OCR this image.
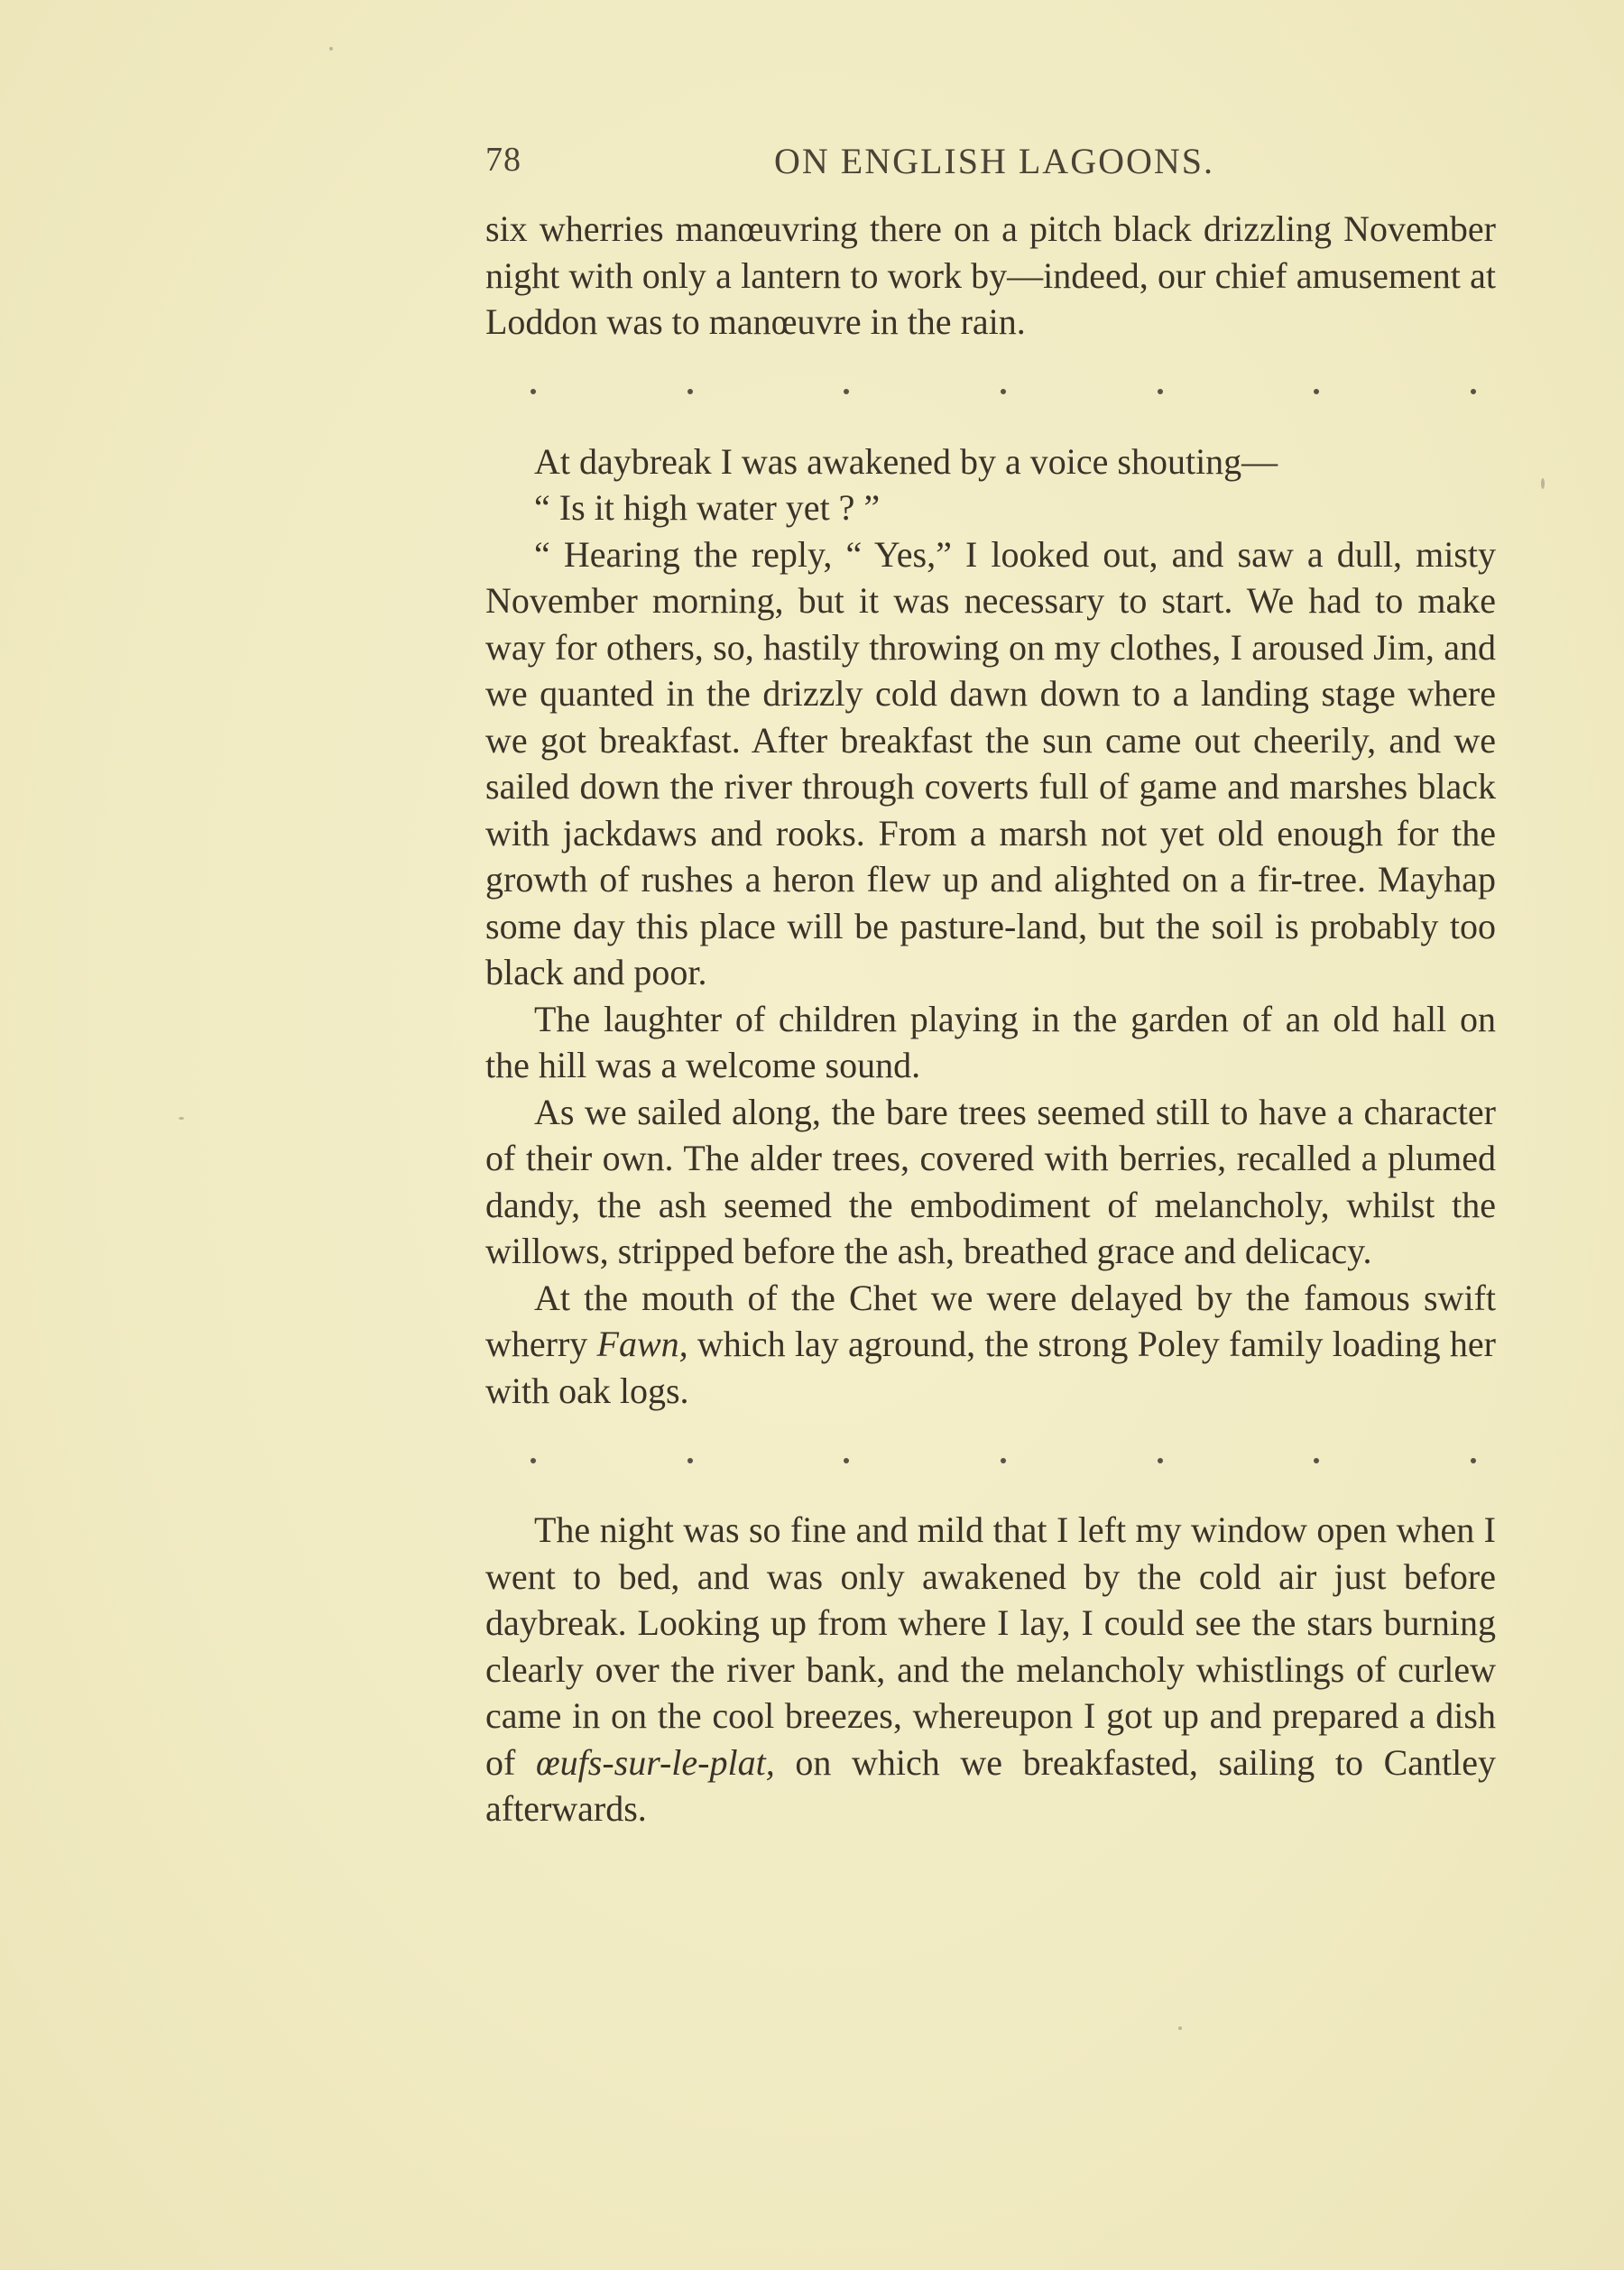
78	ON ENGLISH LAGOONS.

six wherries manœuvring there on a pitch black drizzling November night with only a lantern to work by—indeed, our chief amusement at Loddon was to manœuvre in the rain.

At daybreak I was awakened by a voice shouting—

“ Is it high water yet ? ”

“ Hearing the reply, “ Yes,” I looked out, and saw a dull, misty November morning, but it was necessary to start. We had to make way for others, so, hastily throwing on my clothes, I aroused Jim, and we quanted in the drizzly cold dawn down to a landing stage where we got breakfast. After breakfast the sun came out cheerily, and we sailed down the river through coverts full of game and marshes black with jackdaws and rooks. From a marsh not yet old enough for the growth of rushes a heron flew up and alighted on a fir-tree. Mayhap some day this place will be pasture-land, but the soil is probably too black and poor.

The laughter of children playing in the garden of an old hall on the hill was a welcome sound.

As we sailed along, the bare trees seemed still to have a character of their own. The alder trees, covered with berries, recalled a plumed dandy, the ash seemed the embodiment of melancholy, whilst the willows, stripped before the ash, breathed grace and delicacy.

At the mouth of the Chet we were delayed by the famous swift wherry Fawn, which lay aground, the strong Poley family loading her with oak logs.

The night was so fine and mild that I left my window open when I went to bed, and was only awakened by the cold air just before daybreak. Looking up from where I lay, I could see the stars burning clearly over the river bank, and the melancholy whistlings of curlew came in on the cool breezes, whereupon I got up and prepared a dish of œufs-sur-le-plat, on which we breakfasted, sailing to Cantley afterwards.
